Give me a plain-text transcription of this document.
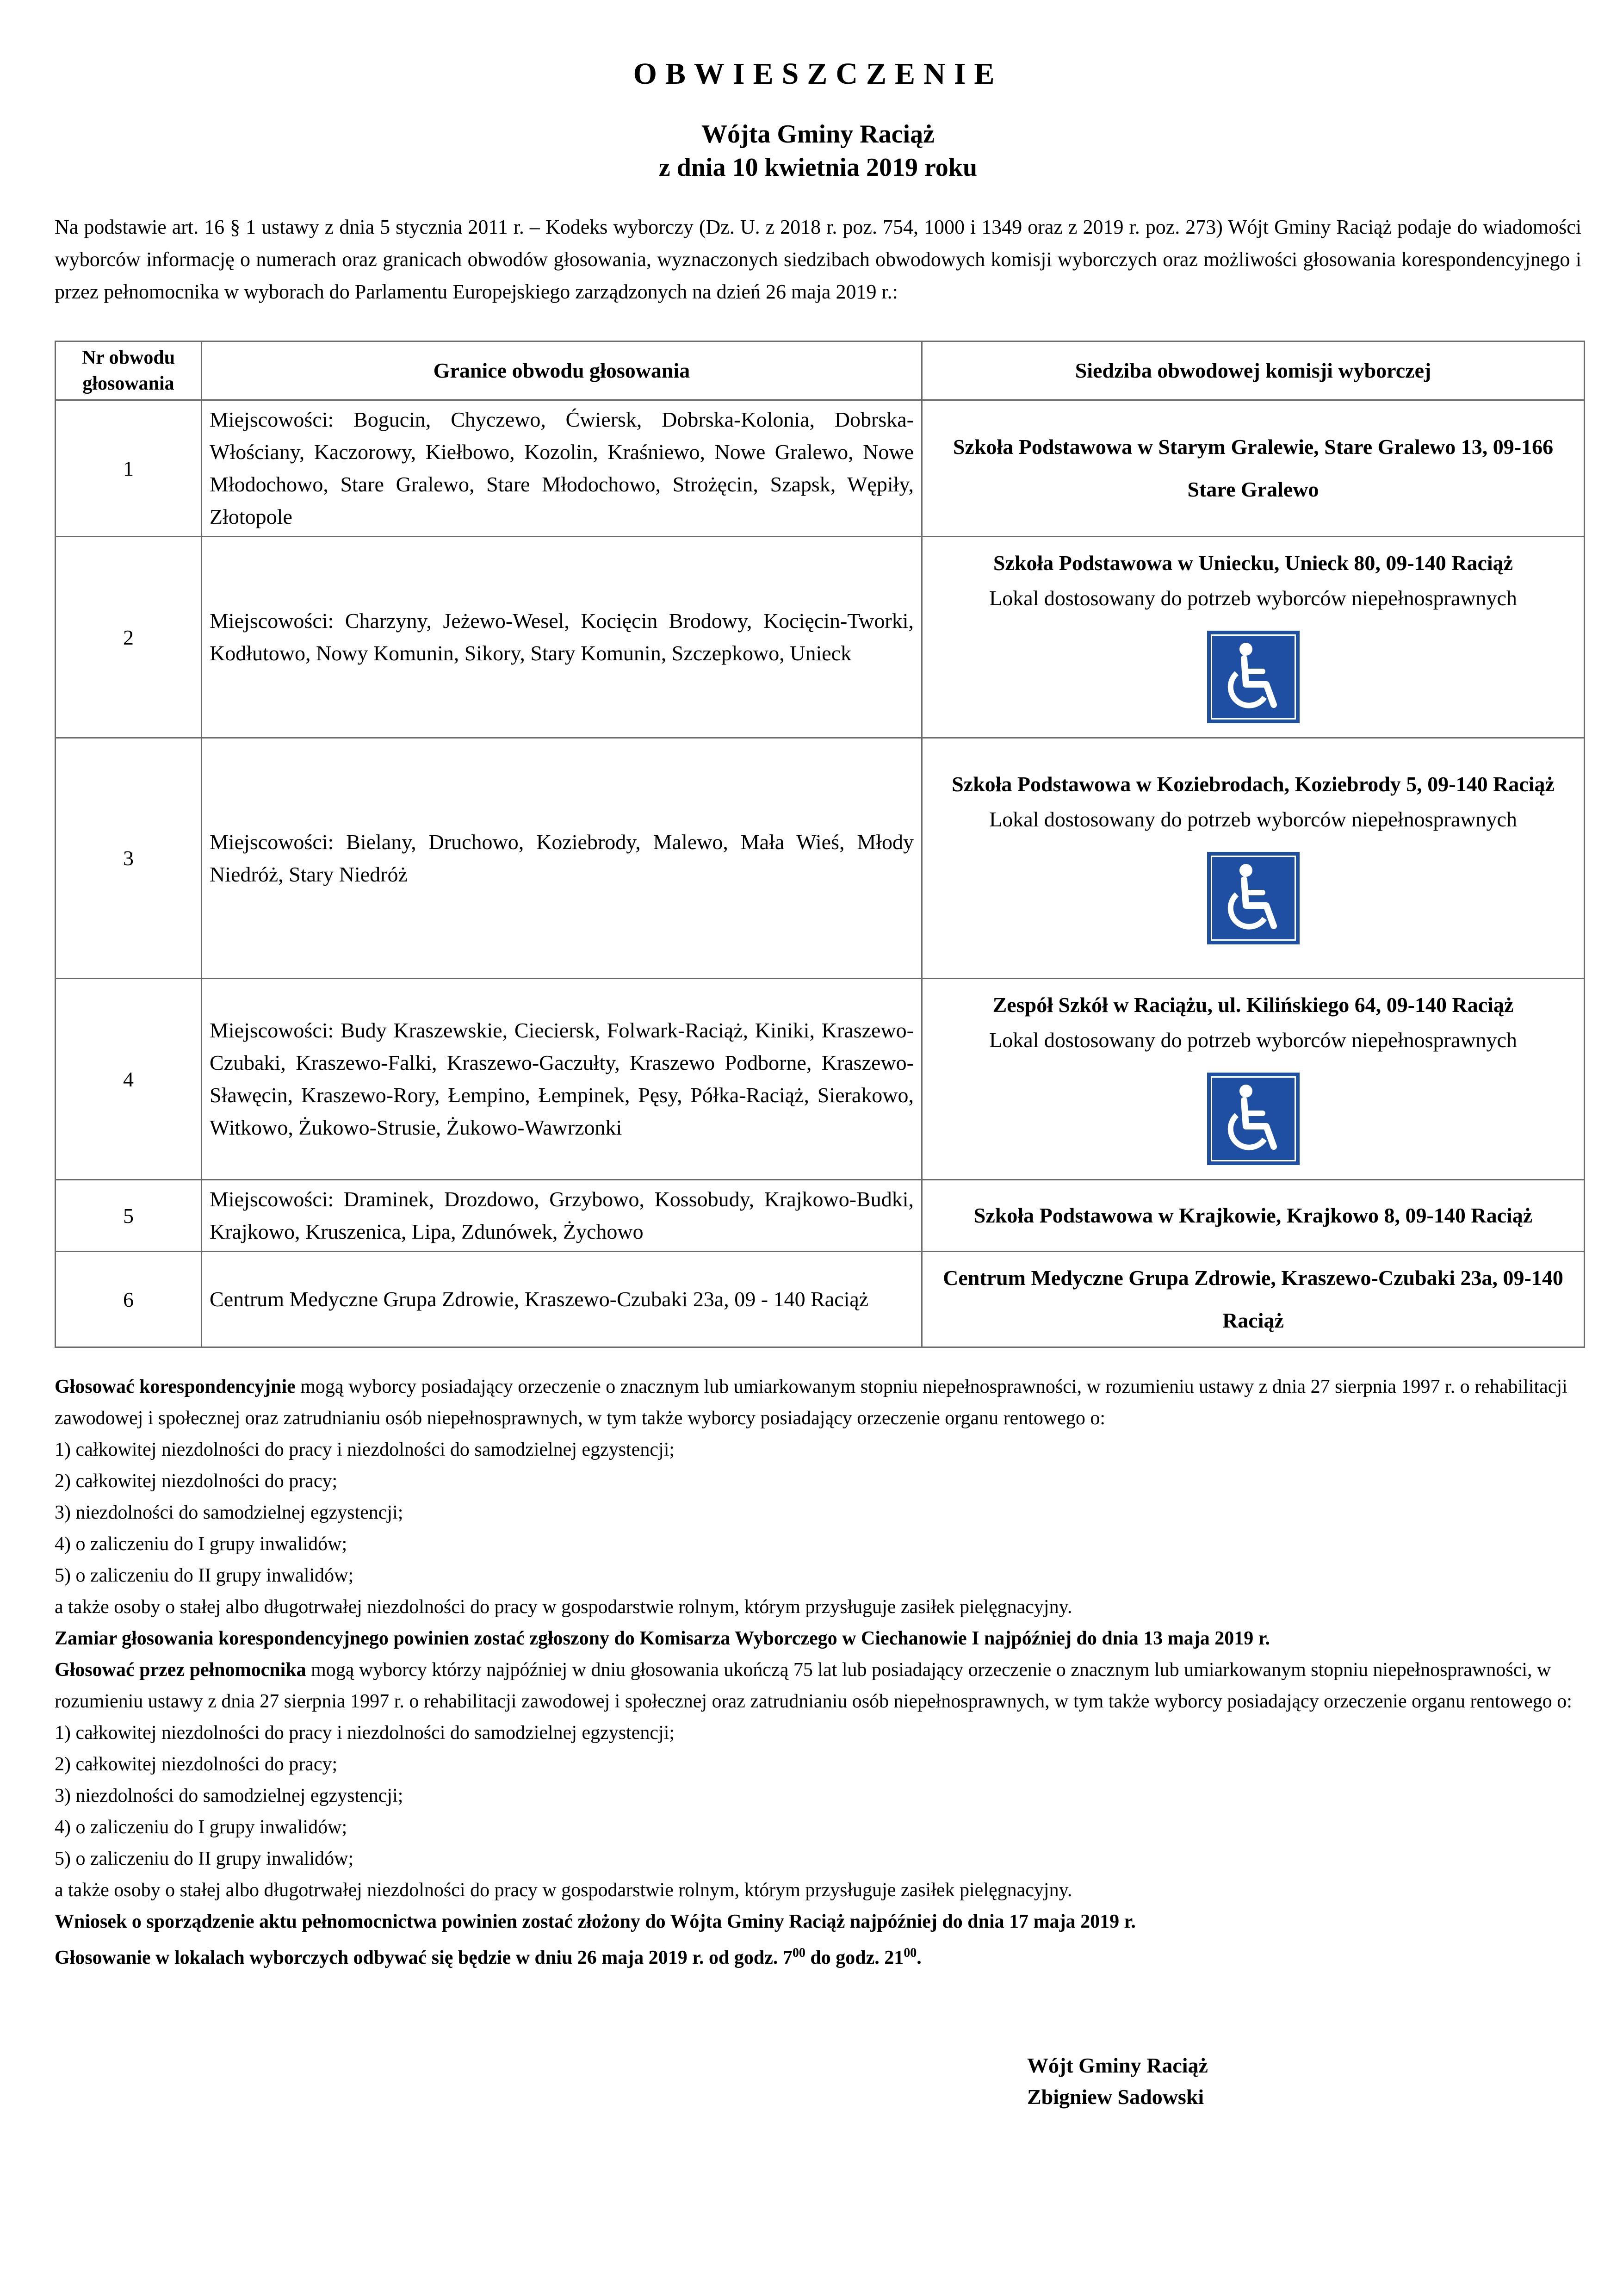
OBWIESZCZENIE
Wójta Gminy Raciąż
z dnia 10 kwietnia 2019 roku
Na podstawie art. 16 § 1 ustawy z dnia 5 stycznia 2011 r. – Kodeks wyborczy (Dz. U. z 2018 r. poz. 754, 1000 i 1349 oraz z 2019 r. poz. 273) Wójt Gminy Raciąż podaje do wiadomości wyborców informację o numerach oraz granicach obwodów głosowania, wyznaczonych siedzibach obwodowych komisji wyborczych oraz możliwości głosowania korespondencyjnego i przez pełnomocnika w wyborach do Parlamentu Europejskiego zarządzonych na dzień 26 maja 2019 r.:
Nr obwodu głosowania	Granice obwodu głosowania	Siedziba obwodowej komisji wyborczej
1	Miejscowości: Bogucin, Chyczewo, Ćwiersk, Dobrska-Kolonia, Dobrska-Włościany, Kaczorowy, Kiełbowo, Kozolin, Kraśniewo, Nowe Gralewo, Nowe Młodochowo, Stare Gralewo, Stare Młodochowo, Strożęcin, Szapsk, Wępiły, Złotopole	Szkoła Podstawowa w Starym Gralewie, Stare Gralewo 13, 09-166 Stare Gralewo

2	Miejscowości: Charzyny, Jeżewo-Wesel, Kocięcin Brodowy, Kocięcin-Tworki, Kodłutowo, Nowy Komunin, Sikory, Stary Komunin, Szczepkowo, Unieck	Szkoła Podstawowa w Uniecku, Unieck 80, 09-140 Raciąż
Lokal dostosowany do potrzeb wyborców niepełnosprawnych

3	Miejscowości: Bielany, Druchowo, Koziebrody, Malewo, Mała Wieś, Młody Niedróż, Stary Niedróż	Szkoła Podstawowa w Koziebrodach, Koziebrody 5, 09-140 Raciąż
Lokal dostosowany do potrzeb wyborców niepełnosprawnych

4	Miejscowości: Budy Kraszewskie, Cieciersk, Folwark-Raciąż, Kiniki, Kraszewo-Czubaki, Kraszewo-Falki, Kraszewo-Gaczułty, Kraszewo Podborne, Kraszewo-Sławęcin, Kraszewo-Rory, Łempino, Łempinek, Pęsy, Półka-Raciąż, Sierakowo, Witkowo, Żukowo-Strusie, Żukowo-Wawrzonki	Zespół Szkół w Raciążu, ul. Kilińskiego 64, 09-140 Raciąż
Lokal dostosowany do potrzeb wyborców niepełnosprawnych

5	Miejscowości: Draminek, Drozdowo, Grzybowo, Kossobudy, Krajkowo-Budki, Krajkowo, Kruszenica, Lipa, Zdunówek, Żychowo	Szkoła Podstawowa w Krajkowie, Krajkowo 8, 09-140 Raciąż

6	Centrum Medyczne Grupa Zdrowie, Kraszewo-Czubaki 23a, 09 - 140 Raciąż	Centrum Medyczne Grupa Zdrowie, Kraszewo-Czubaki 23a, 09-140 Raciąż

Głosować korespondencyjnie mogą wyborcy posiadający orzeczenie o znacznym lub umiarkowanym stopniu niepełnosprawności, w rozumieniu ustawy z dnia 27 sierpnia 1997 r. o rehabilitacji zawodowej i społecznej oraz zatrudnianiu osób niepełnosprawnych, w tym także wyborcy posiadający orzeczenie organu rentowego o:

1) całkowitej niezdolności do pracy i niezdolności do samodzielnej egzystencji;

2) całkowitej niezdolności do pracy;

3) niezdolności do samodzielnej egzystencji;

4) o zaliczeniu do I grupy inwalidów;

5) o zaliczeniu do II grupy inwalidów;

a także osoby o stałej albo długotrwałej niezdolności do pracy w gospodarstwie rolnym, którym przysługuje zasiłek pielęgnacyjny.

Zamiar głosowania korespondencyjnego powinien zostać zgłoszony do Komisarza Wyborczego w Ciechanowie I najpóźniej do dnia 13 maja 2019 r.

Głosować przez pełnomocnika mogą wyborcy którzy najpóźniej w dniu głosowania ukończą 75 lat lub posiadający orzeczenie o znacznym lub umiarkowanym stopniu niepełnosprawności, w rozumieniu ustawy z dnia 27 sierpnia 1997 r. o rehabilitacji zawodowej i społecznej oraz zatrudnianiu osób niepełnosprawnych, w tym także wyborcy posiadający orzeczenie organu rentowego o:

1) całkowitej niezdolności do pracy i niezdolności do samodzielnej egzystencji;

2) całkowitej niezdolności do pracy;

3) niezdolności do samodzielnej egzystencji;

4) o zaliczeniu do I grupy inwalidów;

5) o zaliczeniu do II grupy inwalidów;

a także osoby o stałej albo długotrwałej niezdolności do pracy w gospodarstwie rolnym, którym przysługuje zasiłek pielęgnacyjny.

Wniosek o sporządzenie aktu pełnomocnictwa powinien zostać złożony do Wójta Gminy Raciąż najpóźniej do dnia 17 maja 2019 r.

Głosowanie w lokalach wyborczych odbywać się będzie w dniu 26 maja 2019 r. od godz. $7^{00}$ do godz. $21^{00}$.

Wójt Gminy Raciąż
Zbigniew Sadowski
